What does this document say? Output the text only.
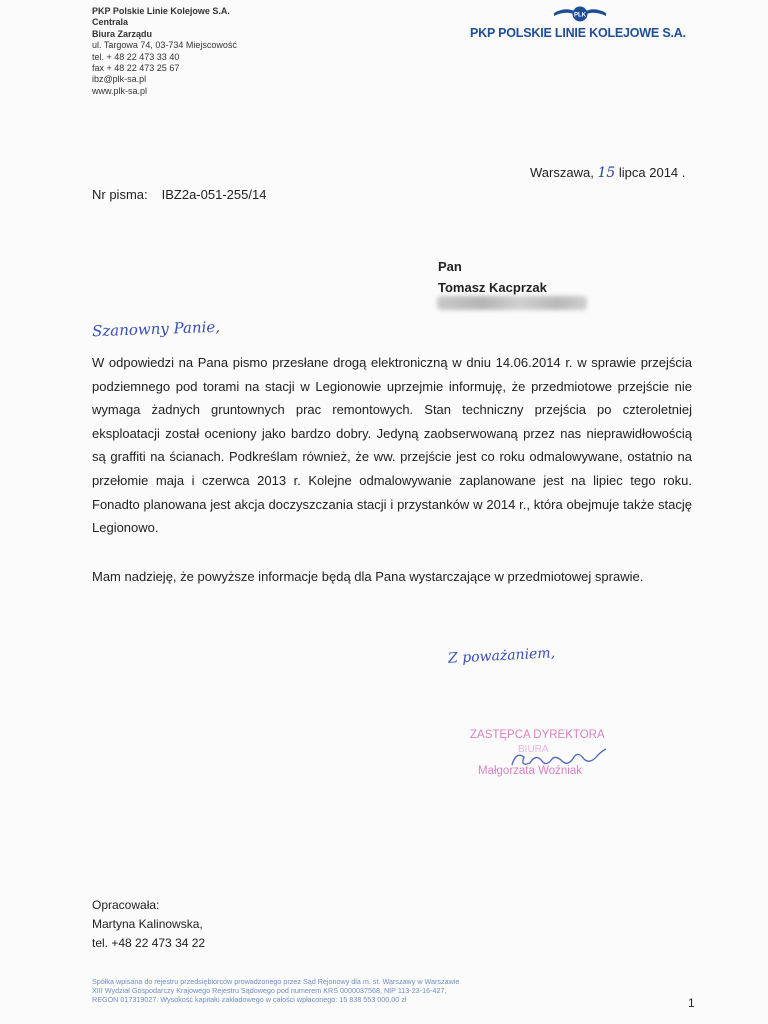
PKP Polskie Linie Kolejowe S.A.
Centrala
Biura Zarządu
ul. Targowa 74, 03-734 Miejscowość
tel. + 48 22 473 33 40
fax + 48 22 473 25 67
ibz@plk-sa.pl
www.plk-sa.pl
PLK
PKP POLSKIE LINIE KOLEJOWE S.A.
Warszawa, 15 lipca 2014 .
Nr pisma: IBZ2a-051-255/14
Pan
Tomasz Kacprzak
Szanowny Panie,
W odpowiedzi na Pana pismo przesłane drogą elektroniczną w dniu 14.06.2014 r. w sprawie przejścia podziemnego pod torami na stacji w Legionowie uprzejmie informuję, że przedmiotowe przejście nie wymaga żadnych gruntownych prac remontowych. Stan techniczny przejścia po czteroletniej eksploatacji został oceniony jako bardzo dobry. Jedyną zaobserwowaną przez nas nieprawidłowością są graffiti na ścianach. Podkreślam również, że ww. przejście jest co roku odmalowywane, ostatnio na przełomie maja i czerwca 2013 r. Kolejne odmalowywanie zaplanowane jest na lipiec tego roku. Fonadto planowana jest akcja doczyszczania stacji i przystanków w 2014 r., która obejmuje także stację Legionowo.
Mam nadzieję, że powyższe informacje będą dla Pana wystarczające w przedmiotowej sprawie.
Z poważaniem,
ZASTĘPCA DYREKTORA
BIURA
Małgorzata Woźniak
Opracowała:
Martyna Kalinowska,
tel. +48 22 473 34 22
Spółka wpisana do rejestru przedsiębiorców prowadzonego przez Sąd Rejonowy dla m. st. Warszawy w Warszawie
XIII Wydział Gospodarczy Krajowego Rejestru Sądowego pod numerem KRS 0000037568, NIP 113-23-16-427,
REGON 017319027. Wysokość kapitału zakładowego w całości wpłaconego: 15 838 553 000,00 zł	1
